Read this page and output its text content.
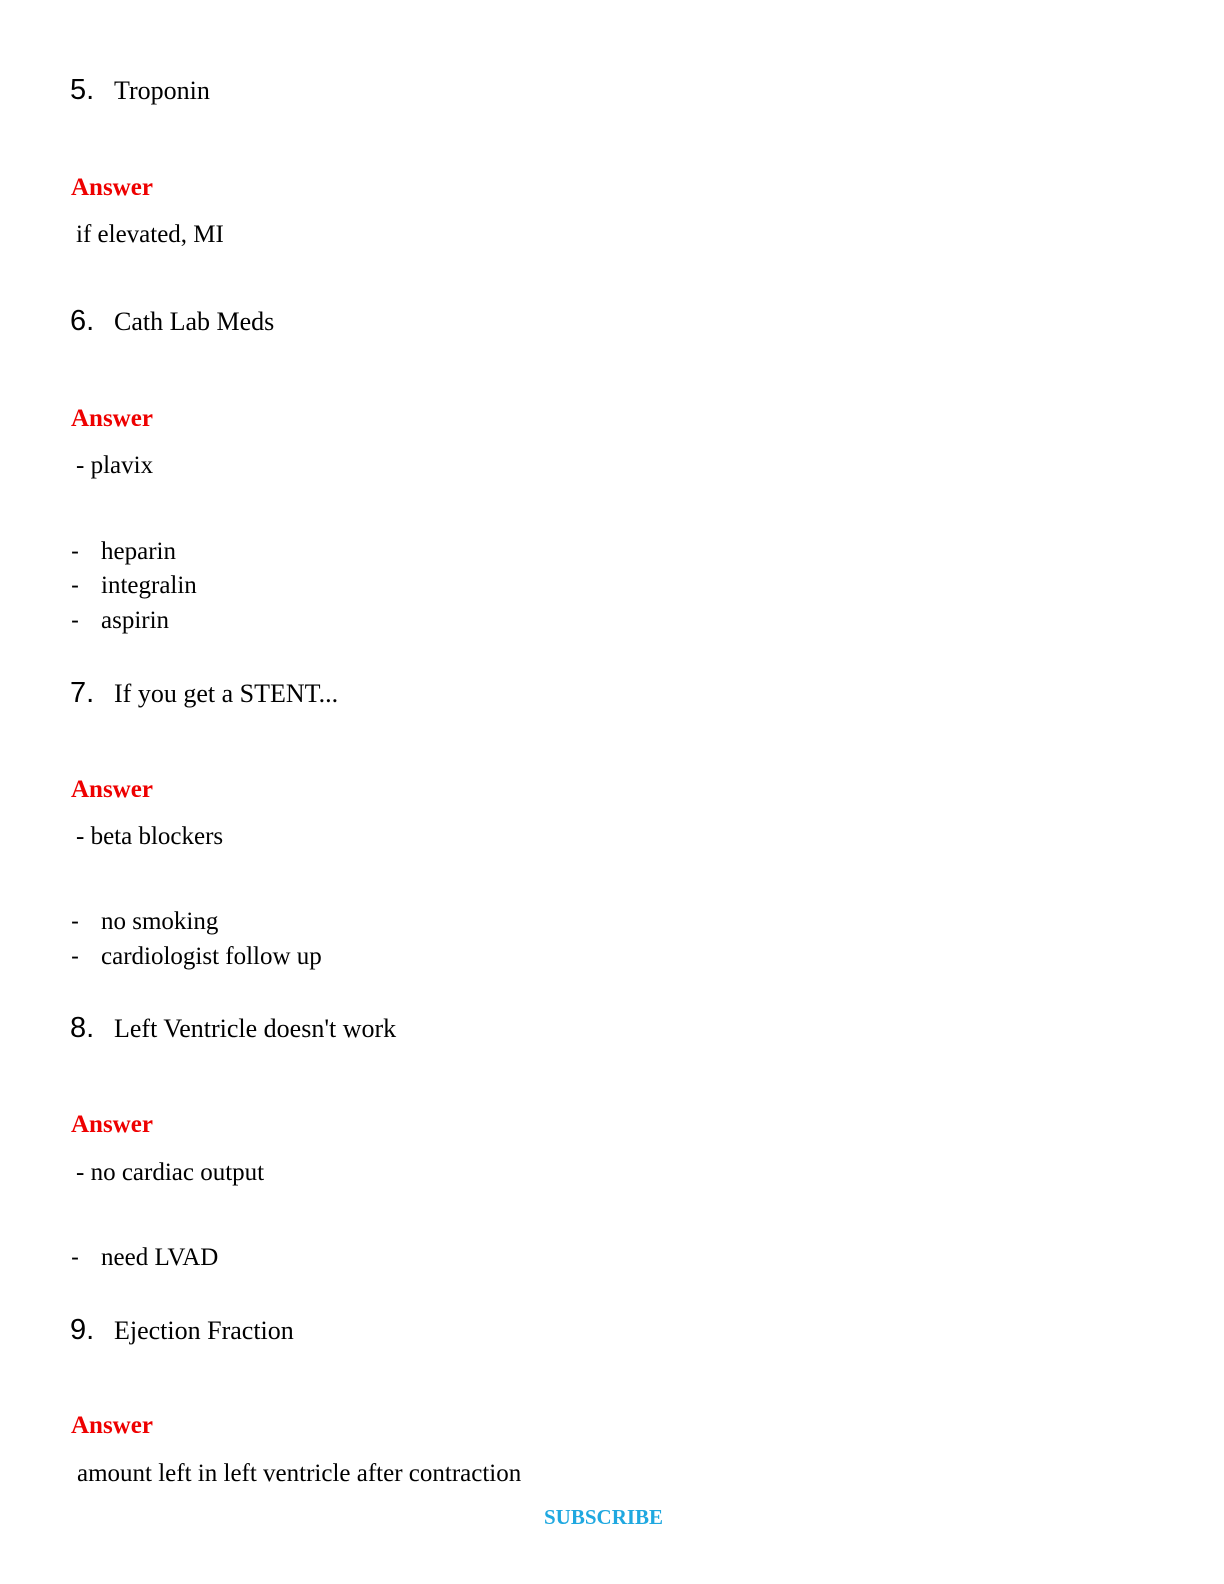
5. Troponin
Answer
if elevated, MI
6. Cath Lab Meds
Answer
- plavix
- heparin
- integralin
- aspirin
7. If you get a STENT...
Answer
- beta blockers
- no smoking
- cardiologist follow up
8. Left Ventricle doesn't work
Answer
- no cardiac output
- need LVAD
9. Ejection Fraction
Answer
amount left in left ventricle after contraction
SUBSCRIBE
